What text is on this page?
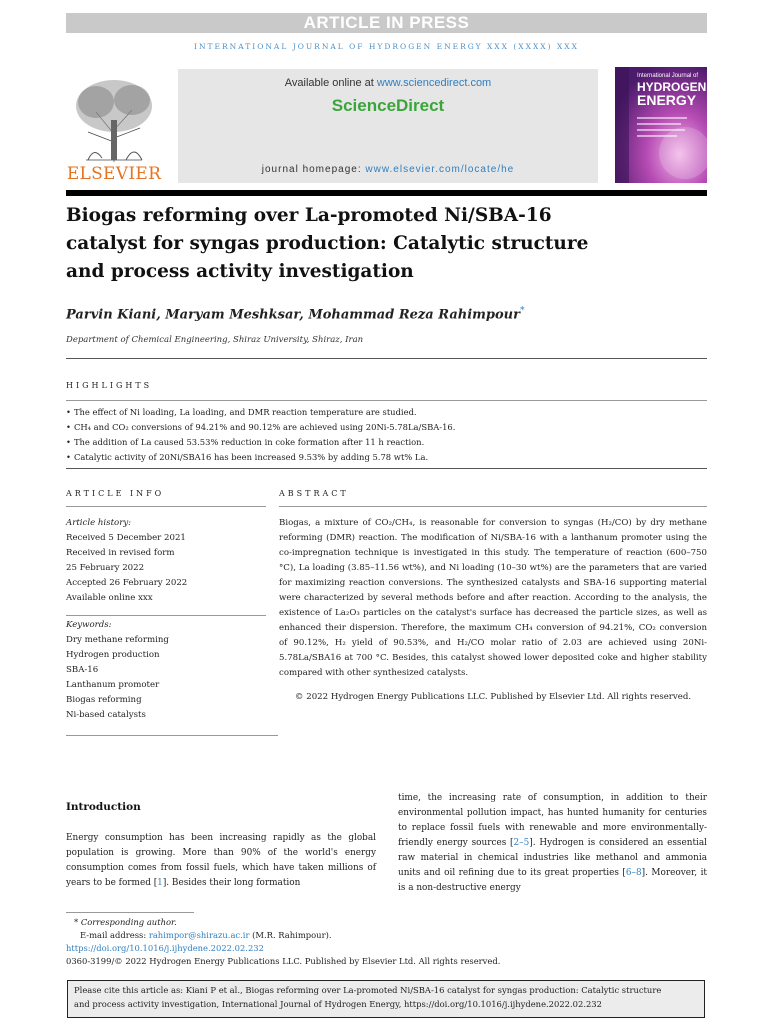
ARTICLE IN PRESS
INTERNATIONAL JOURNAL OF HYDROGEN ENERGY XXX (XXXX) XXX
ELSEVIER
Available online at www.sciencedirect.com
ScienceDirect
journal homepage: www.elsevier.com/locate/he
International Journal of
HYDROGEN
ENERGY
Biogas reforming over La-promoted Ni/SBA-16
catalyst for syngas production: Catalytic structure
and process activity investigation
Parvin Kiani, Maryam Meshksar, Mohammad Reza Rahimpour*
Department of Chemical Engineering, Shiraz University, Shiraz, Iran
HIGHLIGHTS
• The effect of Ni loading, La loading, and DMR reaction temperature are studied.
• CH₄ and CO₂ conversions of 94.21% and 90.12% are achieved using 20Ni-5.78La/SBA-16.
• The addition of La caused 53.53% reduction in coke formation after 11 h reaction.
• Catalytic activity of 20Ni/SBA16 has been increased 9.53% by adding 5.78 wt% La.
ARTICLE INFO	ABSTRACT
Article history:
Received 5 December 2021
Received in revised form
25 February 2022
Accepted 26 February 2022
Available online xxx
Keywords:
Dry methane reforming
Hydrogen production
SBA-16
Lanthanum promoter
Biogas reforming
Ni-based catalysts
Biogas, a mixture of CO₂/CH₄, is reasonable for conversion to syngas (H₂/CO) by dry methane reforming (DMR) reaction. The modification of Ni/SBA-16 with a lanthanum promoter using the co-impregnation technique is investigated in this study. The temperature of reaction (600–750 °C), La loading (3.85–11.56 wt%), and Ni loading (10–30 wt%) are the parameters that are varied for maximizing reaction conversions. The synthesized catalysts and SBA-16 supporting material were characterized by several methods before and after reaction. According to the analysis, the existence of La₂O₃ particles on the catalyst's surface has decreased the particle sizes, as well as enhanced their dispersion. Therefore, the maximum CH₄ conversion of 94.21%, CO₂ conversion of 90.12%, H₂ yield of 90.53%, and H₂/CO molar ratio of 2.03 are achieved using 20Ni-5.78La/SBA16 at 700 °C. Besides, this catalyst showed lower deposited coke and higher stability compared with other synthesized catalysts.
© 2022 Hydrogen Energy Publications LLC. Published by Elsevier Ltd. All rights reserved.
Introduction
Energy consumption has been increasing rapidly as the global population is growing. More than 90% of the world's energy consumption comes from fossil fuels, which have taken millions of years to be formed [1]. Besides their long formation
time, the increasing rate of consumption, in addition to their environmental pollution impact, has hunted humanity for centuries to replace fossil fuels with renewable and more environmentally-friendly energy sources [2–5]. Hydrogen is considered an essential raw material in chemical industries like methanol and ammonia units and oil refining due to its great properties [6–8]. Moreover, it is a non-destructive energy
* Corresponding author.
E-mail address: rahimpor@shirazu.ac.ir (M.R. Rahimpour).
https://doi.org/10.1016/j.ijhydene.2022.02.232
0360-3199/© 2022 Hydrogen Energy Publications LLC. Published by Elsevier Ltd. All rights reserved.
Please cite this article as: Kiani P et al., Biogas reforming over La-promoted Ni/SBA-16 catalyst for syngas production: Catalytic structure
and process activity investigation, International Journal of Hydrogen Energy, https://doi.org/10.1016/j.ijhydene.2022.02.232
